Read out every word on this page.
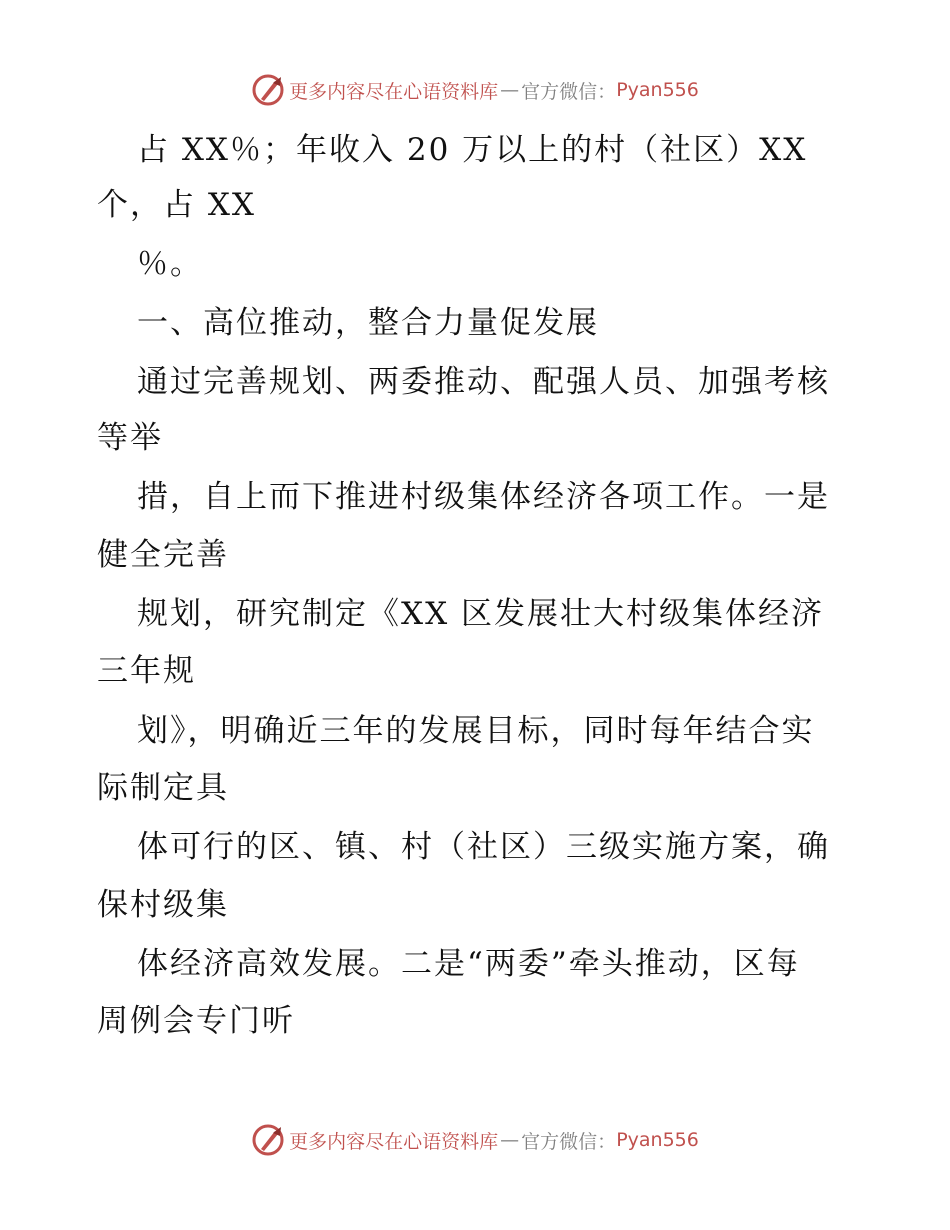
更多内容尽在心语资料库 — 官方微信： Pyan556
占 XX％；年收入 20 万以上的村（社区）XX
个，占 XX
％。
一、高位推动，整合力量促发展
通过完善规划、两委推动、配强人员、加强考核
等举
措，自上而下推进村级集体经济各项工作。一是
健全完善
规划，研究制定《XX 区发展壮大村级集体经济
三年规
划》，明确近三年的发展目标，同时每年结合实
际制定具
体可行的区、镇、村（社区）三级实施方案，确
保村级集
体经济高效发展。二是“两委”牵头推动，区每
周例会专门听
更多内容尽在心语资料库 — 官方微信： Pyan556
